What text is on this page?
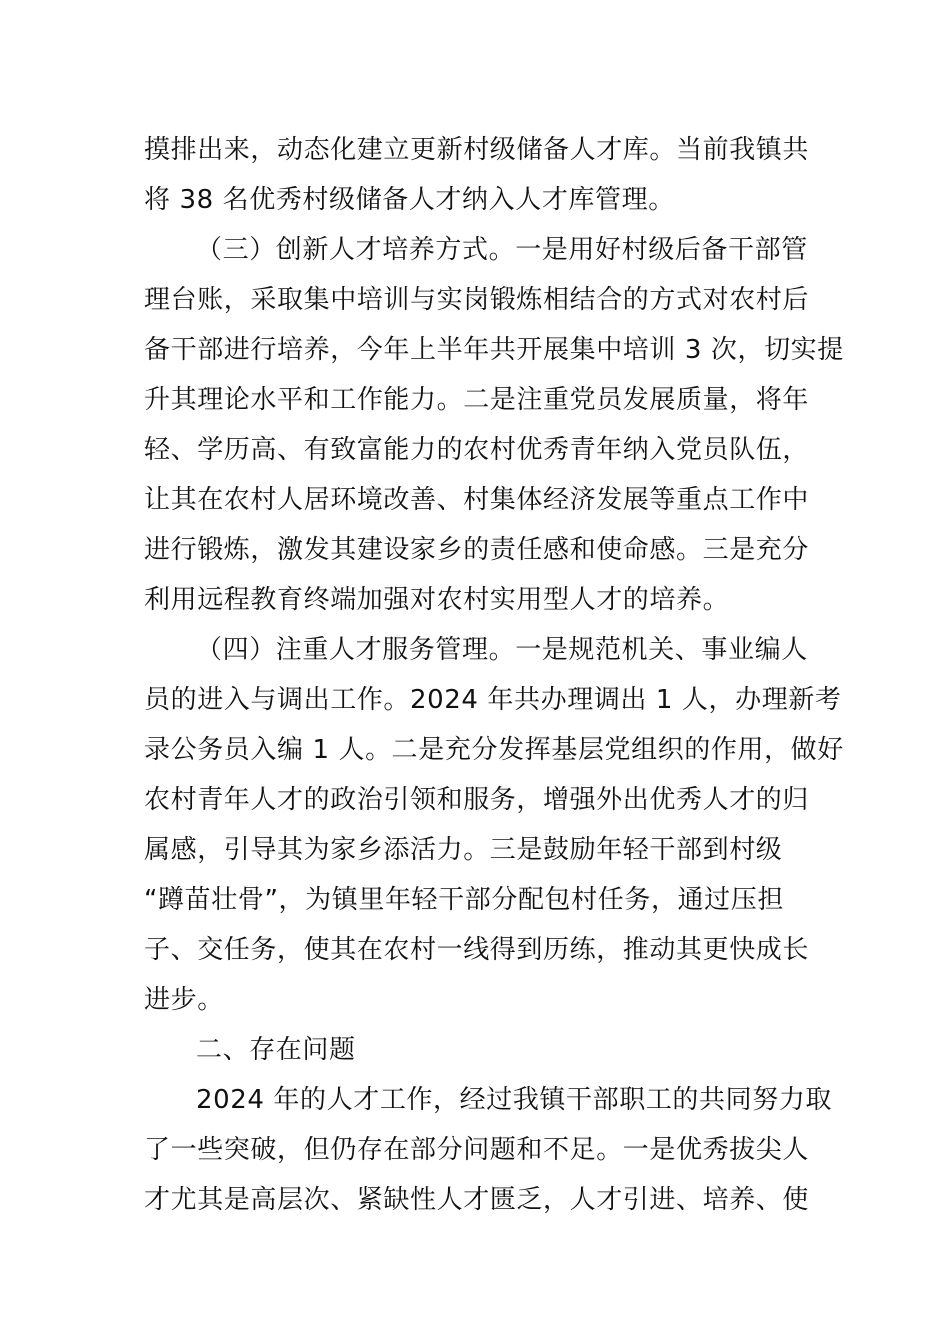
摸排出来，动态化建立更新村级储备人才库。当前我镇共
将 38 名优秀村级储备人才纳入人才库管理。
（三）创新人才培养方式。一是用好村级后备干部管
理台账，采取集中培训与实岗锻炼相结合的方式对农村后
备干部进行培养，今年上半年共开展集中培训 3 次，切实提
升其理论水平和工作能力。二是注重党员发展质量，将年
轻、学历高、有致富能力的农村优秀青年纳入党员队伍，
让其在农村人居环境改善、村集体经济发展等重点工作中
进行锻炼，激发其建设家乡的责任感和使命感。三是充分
利用远程教育终端加强对农村实用型人才的培养。
（四）注重人才服务管理。一是规范机关、事业编人
员的进入与调出工作。2024 年共办理调出 1 人，办理新考
录公务员入编 1 人。二是充分发挥基层党组织的作用，做好
农村青年人才的政治引领和服务，增强外出优秀人才的归
属感，引导其为家乡添活力。三是鼓励年轻干部到村级
“蹲苗壮骨”，为镇里年轻干部分配包村任务，通过压担
子、交任务，使其在农村一线得到历练，推动其更快成长
进步。
二、存在问题
2024 年的人才工作，经过我镇干部职工的共同努力取
了一些突破，但仍存在部分问题和不足。一是优秀拔尖人
才尤其是高层次、紧缺性人才匮乏，人才引进、培养、使
